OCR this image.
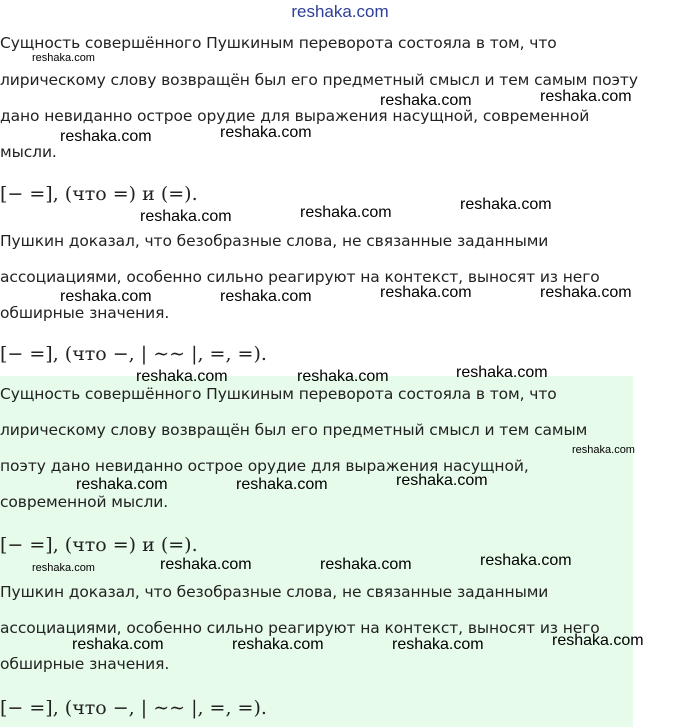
reshaka.com
Сущность совершённого Пушкиным переворота состояла в том, что
лирическому слову возвращён был его предметный смысл и тем самым поэту
дано невиданно острое орудие для выражения насущной, современной
мысли.
[− =], (что =) и (=).
Пушкин доказал, что безобразные слова, не связанные заданными
ассоциациями, особенно сильно реагируют на контекст, выносят из него
обширные значения.
[− =], (что −, | ∼∼ |, =, =).
Сущность совершённого Пушкиным переворота состояла в том, что
лирическому слову возвращён был его предметный смысл и тем самым
поэту дано невиданно острое орудие для выражения насущной,
современной мысли.
[− =], (что =) и (=).
Пушкин доказал, что безобразные слова, не связанные заданными
ассоциациями, особенно сильно реагируют на контекст, выносят из него
обширные значения.
[− =], (что −, | ∼∼ |, =, =).
reshaka.com
reshaka.com	reshaka.com
reshaka.com	reshaka.com
reshaka.com	reshaka.com	reshaka.com
reshaka.com	reshaka.com	reshaka.com	reshaka.com
reshaka.com	reshaka.com	reshaka.com
reshaka.com
reshaka.com	reshaka.com	reshaka.com
reshaka.com	reshaka.com	reshaka.com	reshaka.com
reshaka.com	reshaka.com	reshaka.com	reshaka.com
